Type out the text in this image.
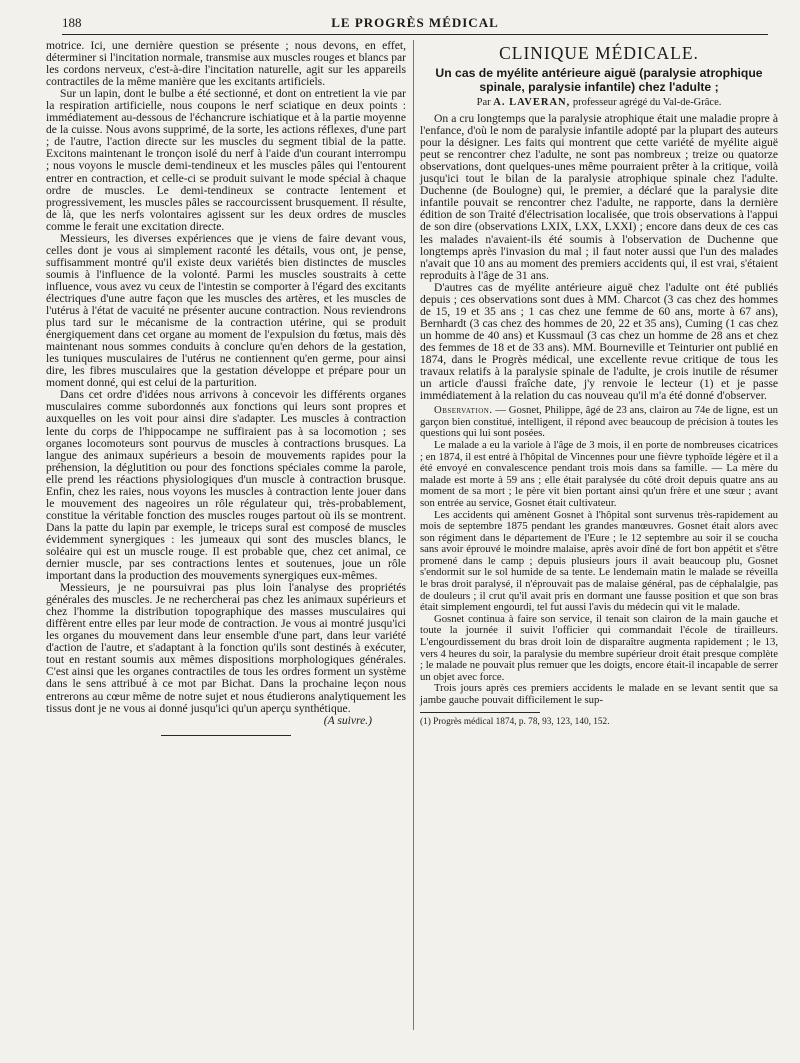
188	LE PROGRÈS MÉDICAL

motrice. Ici, une dernière question se présente ; nous devons, en effet, déterminer si l'incitation normale, transmise aux muscles rouges et blancs par les cordons nerveux, c'est-à-dire l'incitation naturelle, agit sur les appareils contractiles de la même manière que les excitants artificiels.

Sur un lapin, dont le bulbe a été sectionné, et dont on entretient la vie par la respiration artificielle, nous coupons le nerf sciatique en deux points : immédiatement au-dessous de l'échancrure ischiatique et à la partie moyenne de la cuisse. Nous avons supprimé, de la sorte, les actions réflexes, d'une part ; de l'autre, l'action directe sur les muscles du segment tibial de la patte. Excitons maintenant le tronçon isolé du nerf à l'aide d'un courant interrompu ; nous voyons le muscle demi-tendineux et les muscles pâles qui l'entourent entrer en contraction, et celle-ci se produit suivant le mode spécial à chaque ordre de muscles. Le demi-tendineux se contracte lentement et progressivement, les muscles pâles se raccourcissent brusquement. Il résulte, de là, que les nerfs volontaires agissent sur les deux ordres de muscles comme le ferait une excitation directe.

Messieurs, les diverses expériences que je viens de faire devant vous, celles dont je vous ai simplement raconté les détails, vous ont, je pense, suffisamment montré qu'il existe deux variétés bien distinctes de muscles soumis à l'influence de la volonté. Parmi les muscles soustraits à cette influence, vous avez vu ceux de l'intestin se comporter à l'égard des excitants électriques d'une autre façon que les muscles des artères, et les muscles de l'utérus à l'état de vacuité ne présenter aucune contraction. Nous reviendrons plus tard sur le mécanisme de la contraction utérine, qui se produit énergiquement dans cet organe au moment de l'expulsion du fœtus, mais dès maintenant nous sommes conduits à conclure qu'en dehors de la gestation, les tuniques musculaires de l'utérus ne contiennent qu'en germe, pour ainsi dire, les fibres musculaires que la gestation développe et prépare pour un moment donné, qui est celui de la parturition.

Dans cet ordre d'idées nous arrivons à concevoir les différents organes musculaires comme subordonnés aux fonctions qui leurs sont propres et auxquelles on les voit pour ainsi dire s'adapter. Les muscles à contraction lente du corps de l'hippocampe ne suffiraient pas à sa locomotion ; ses organes locomoteurs sont pourvus de muscles à contractions brusques. La langue des animaux supérieurs a besoin de mouvements rapides pour la préhension, la déglutition ou pour des fonctions spéciales comme la parole, elle prend les réactions physiologiques d'un muscle à contraction brusque. Enfin, chez les raies, nous voyons les muscles à contraction lente jouer dans le mouvement des nageoires un rôle régulateur qui, très-probablement, constitue la véritable fonction des muscles rouges partout où ils se montrent. Dans la patte du lapin par exemple, le triceps sural est composé de muscles évidemment synergiques : les jumeaux qui sont des muscles blancs, le soléaire qui est un muscle rouge. Il est probable que, chez cet animal, ce dernier muscle, par ses contractions lentes et soutenues, joue un rôle important dans la production des mouvements synergiques eux-mêmes.

Messieurs, je ne poursuivrai pas plus loin l'analyse des propriétés générales des muscles. Je ne rechercherai pas chez les animaux supérieurs et chez l'homme la distribution topographique des masses musculaires qui diffèrent entre elles par leur mode de contraction. Je vous ai montré jusqu'ici les organes du mouvement dans leur ensemble d'une part, dans leur variété d'action de l'autre, et s'adaptant à la fonction qu'ils sont destinés à exécuter, tout en restant soumis aux mêmes dispositions morphologiques générales. C'est ainsi que les organes contractiles de tous les ordres forment un système dans le sens attribué à ce mot par Bichat. Dans la prochaine leçon nous entrerons au cœur même de notre sujet et nous étudierons analytiquement les tissus dont je ne vous ai donné jusqu'ici qu'un aperçu synthétique.

(A suivre.)
CLINIQUE MÉDICALE.
Un cas de myélite antérieure aiguë (paralysie atrophique spinale, paralysie infantile) chez l'adulte ;
Par A. LAVERAN, professeur agrégé du Val-de-Grâce.

On a cru longtemps que la paralysie atrophique était une maladie propre à l'enfance, d'où le nom de paralysie infantile adopté par la plupart des auteurs pour la désigner. Les faits qui montrent que cette variété de myélite aiguë peut se rencontrer chez l'adulte, ne sont pas nombreux ; treize ou quatorze observations, dont quelques-unes même pourraient prêter à la critique, voilà jusqu'ici tout le bilan de la paralysie atrophique spinale chez l'adulte. Duchenne (de Boulogne) qui, le premier, a déclaré que la paralysie dite infantile pouvait se rencontrer chez l'adulte, ne rapporte, dans la dernière édition de son Traité d'électrisation localisée, que trois observations à l'appui de son dire (observations LXIX, LXX, LXXI) ; encore dans deux de ces cas les malades n'avaient-ils été soumis à l'observation de Duchenne que longtemps après l'invasion du mal ; il faut noter aussi que l'un des malades n'avait que 10 ans au moment des premiers accidents qui, il est vrai, s'étaient reproduits à l'âge de 31 ans.

D'autres cas de myélite antérieure aiguë chez l'adulte ont été publiés depuis ; ces observations sont dues à MM. Charcot (3 cas chez des hommes de 15, 19 et 35 ans ; 1 cas chez une femme de 60 ans, morte à 67 ans), Bernhardt (3 cas chez des hommes de 20, 22 et 35 ans), Cuming (1 cas chez un homme de 40 ans) et Kussmaul (3 cas chez un homme de 28 ans et chez des femmes de 18 et de 33 ans). MM. Bourneville et Teinturier ont publié en 1874, dans le Progrès médical, une excellente revue critique de tous les travaux relatifs à la paralysie spinale de l'adulte, je crois inutile de résumer un article d'aussi fraîche date, j'y renvoie le lecteur (1) et je passe immédiatement à la relation du cas nouveau qu'il m'a été donné d'observer.

Observation. — Gosnet, Philippe, âgé de 23 ans, clairon au 74e de ligne, est un garçon bien constitué, intelligent, il répond avec beaucoup de précision à toutes les questions qui lui sont posées.

Le malade a eu la variole à l'âge de 3 mois, il en porte de nombreuses cicatrices ; en 1874, il est entré à l'hôpital de Vincennes pour une fièvre typhoïde légère et il a été envoyé en convalescence pendant trois mois dans sa famille. — La mère du malade est morte à 59 ans ; elle était paralysée du côté droit depuis quatre ans au moment de sa mort ; le père vit bien portant ainsi qu'un frère et une sœur ; avant son entrée au service, Gosnet était cultivateur.

Les accidents qui amènent Gosnet à l'hôpital sont survenus très-rapidement au mois de septembre 1875 pendant les grandes manœuvres. Gosnet était alors avec son régiment dans le département de l'Eure ; le 12 septembre au soir il se coucha sans avoir éprouvé le moindre malaise, après avoir dîné de fort bon appétit et s'être promené dans le camp ; depuis plusieurs jours il avait beaucoup plu, Gosnet s'endormit sur le sol humide de sa tente. Le lendemain matin le malade se réveilla le bras droit paralysé, il n'éprouvait pas de malaise général, pas de céphalalgie, pas de douleurs ; il crut qu'il avait pris en dormant une fausse position et que son bras était simplement engourdi, tel fut aussi l'avis du médecin qui vit le malade.

Gosnet continua à faire son service, il tenait son clairon de la main gauche et toute la journée il suivit l'officier qui commandait l'école de tirailleurs. L'engourdissement du bras droit loin de disparaître augmenta rapidement ; le 13, vers 4 heures du soir, la paralysie du membre supérieur droit était presque complète ; le malade ne pouvait plus remuer que les doigts, encore était-il incapable de serrer un objet avec force.

Trois jours après ces premiers accidents le malade en se levant sentit que sa jambe gauche pouvait difficilement le sup-

(1) Progrès médical 1874, p. 78, 93, 123, 140, 152.
